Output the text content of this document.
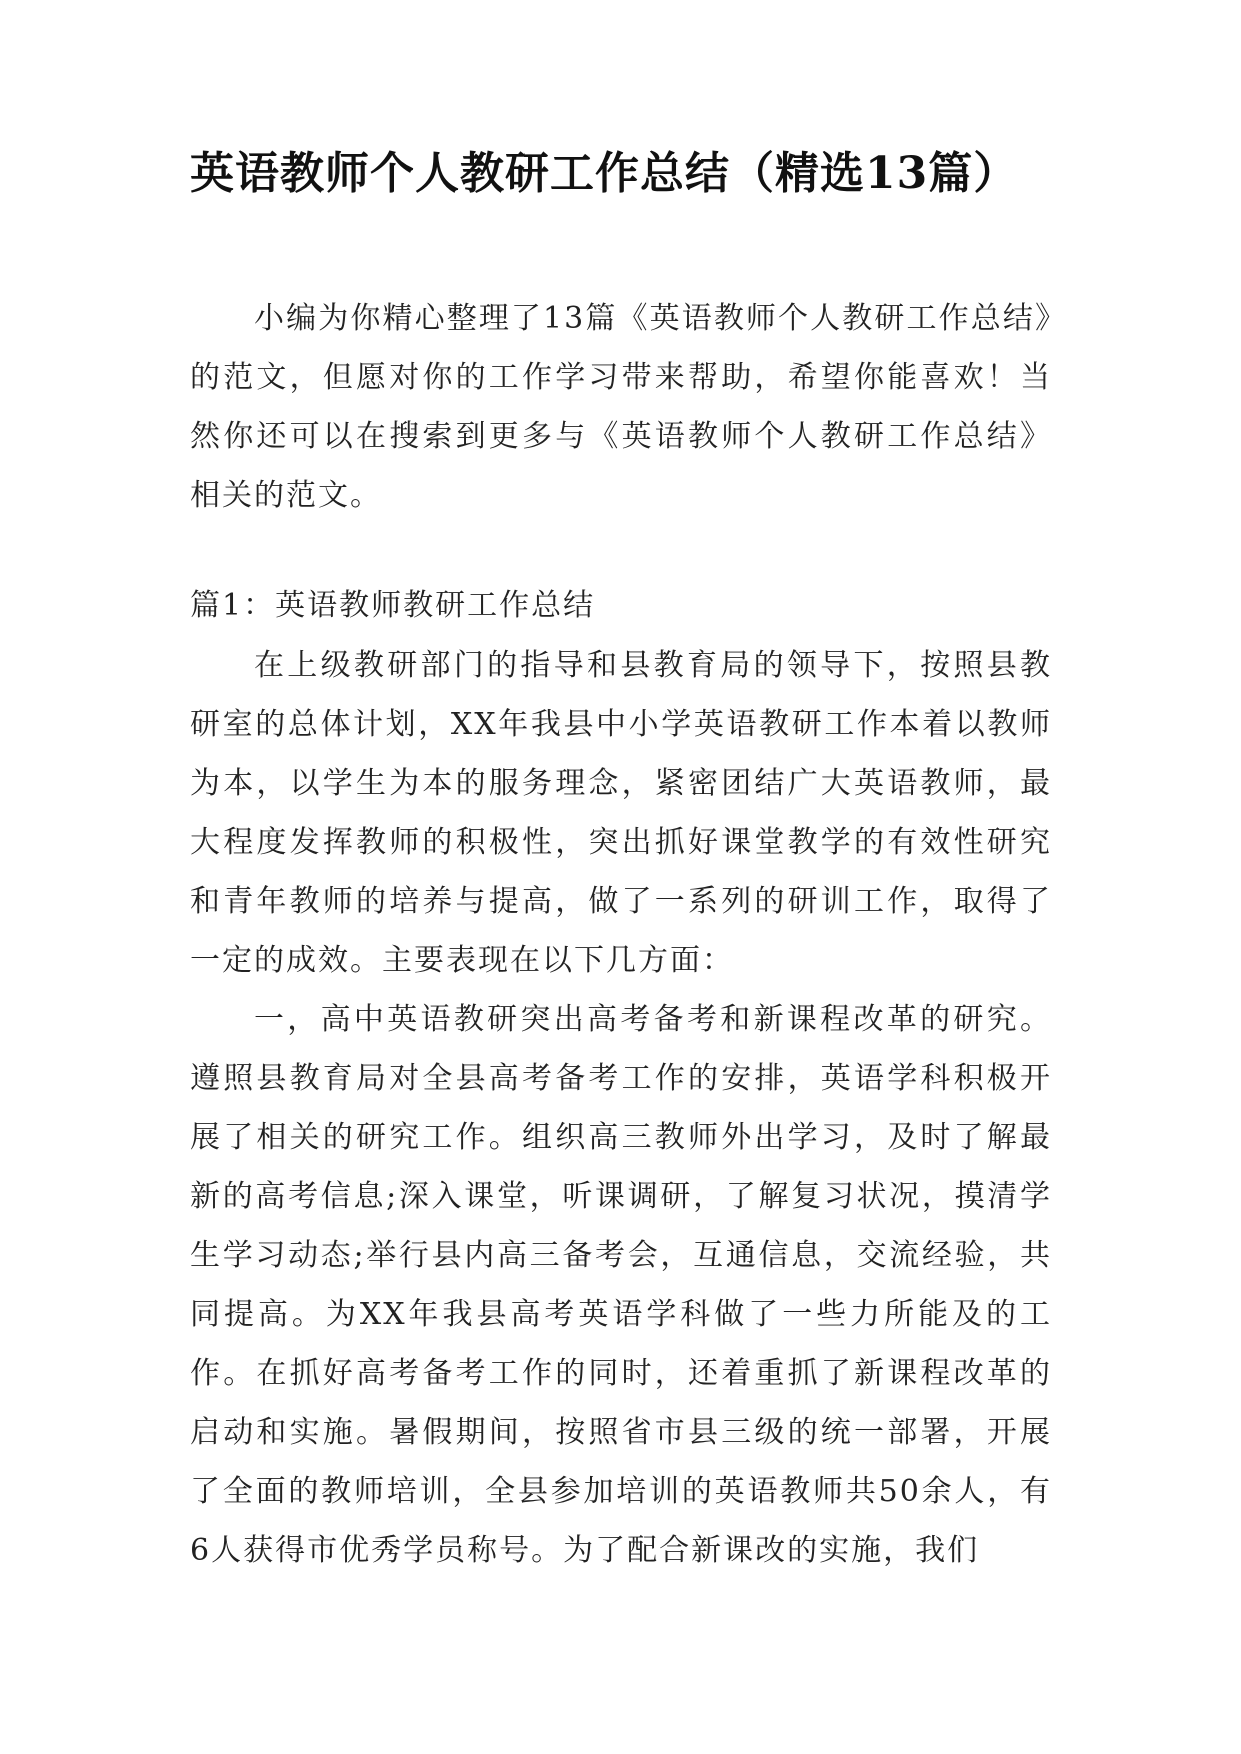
英语教师个人教研工作总结（精选13篇）

小编为你精心整理了13篇《英语教师个人教研工作总结》的范文，但愿对你的工作学习带来帮助，希望你能喜欢！当然你还可以在搜索到更多与《英语教师个人教研工作总结》相关的范文。

篇1：英语教师教研工作总结

在上级教研部门的指导和县教育局的领导下，按照县教研室的总体计划，XX年我县中小学英语教研工作本着以教师为本，以学生为本的服务理念，紧密团结广大英语教师，最大程度发挥教师的积极性，突出抓好课堂教学的有效性研究和青年教师的培养与提高，做了一系列的研训工作，取得了一定的成效。主要表现在以下几方面：

一，高中英语教研突出高考备考和新课程改革的研究。遵照县教育局对全县高考备考工作的安排，英语学科积极开展了相关的研究工作。组织高三教师外出学习，及时了解最新的高考信息;深入课堂，听课调研，了解复习状况，摸清学生学习动态;举行县内高三备考会，互通信息，交流经验，共同提高。为XX年我县高考英语学科做了一些力所能及的工作。在抓好高考备考工作的同时，还着重抓了新课程改革的启动和实施。暑假期间，按照省市县三级的统一部署，开展了全面的教师培训，全县参加培训的英语教师共50余人，有6人获得市优秀学员称号。为了配合新课改的实施，我们
